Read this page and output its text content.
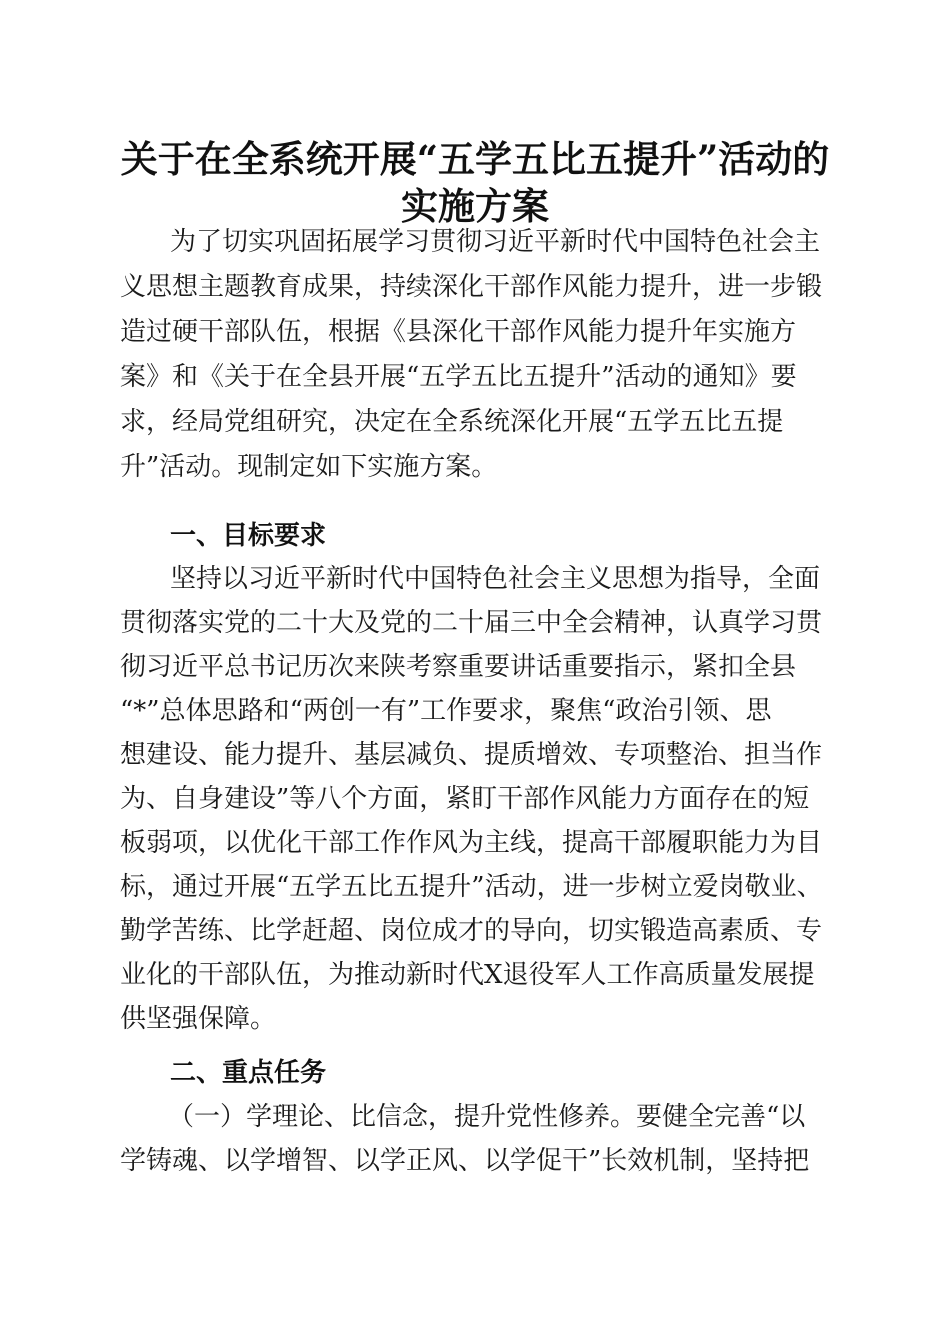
关于在全系统开展“五学五比五提升”活动的
实施方案
为了切实巩固拓展学习贯彻习近平新时代中国特色社会主
义思想主题教育成果，持续深化干部作风能力提升，进一步锻
造过硬干部队伍，根据《县深化干部作风能力提升年实施方
案》和《关于在全县开展“五学五比五提升”活动的通知》要
求，经局党组研究，决定在全系统深化开展“五学五比五提
升”活动。现制定如下实施方案。
一、目标要求
坚持以习近平新时代中国特色社会主义思想为指导，全面
贯彻落实党的二十大及党的二十届三中全会精神，认真学习贯
彻习近平总书记历次来陕考察重要讲话重要指示，紧扣全县
“*”总体思路和“两创一有”工作要求，聚焦“政治引领、思
想建设、能力提升、基层减负、提质增效、专项整治、担当作
为、自身建设”等八个方面，紧盯干部作风能力方面存在的短
板弱项，以优化干部工作作风为主线，提高干部履职能力为目
标，通过开展“五学五比五提升”活动，进一步树立爱岗敬业、
勤学苦练、比学赶超、岗位成才的导向，切实锻造高素质、专
业化的干部队伍，为推动新时代X退役军人工作高质量发展提
供坚强保障。
二、重点任务
（一）学理论、比信念，提升党性修养。要健全完善“以
学铸魂、以学增智、以学正风、以学促干”长效机制，坚持把
